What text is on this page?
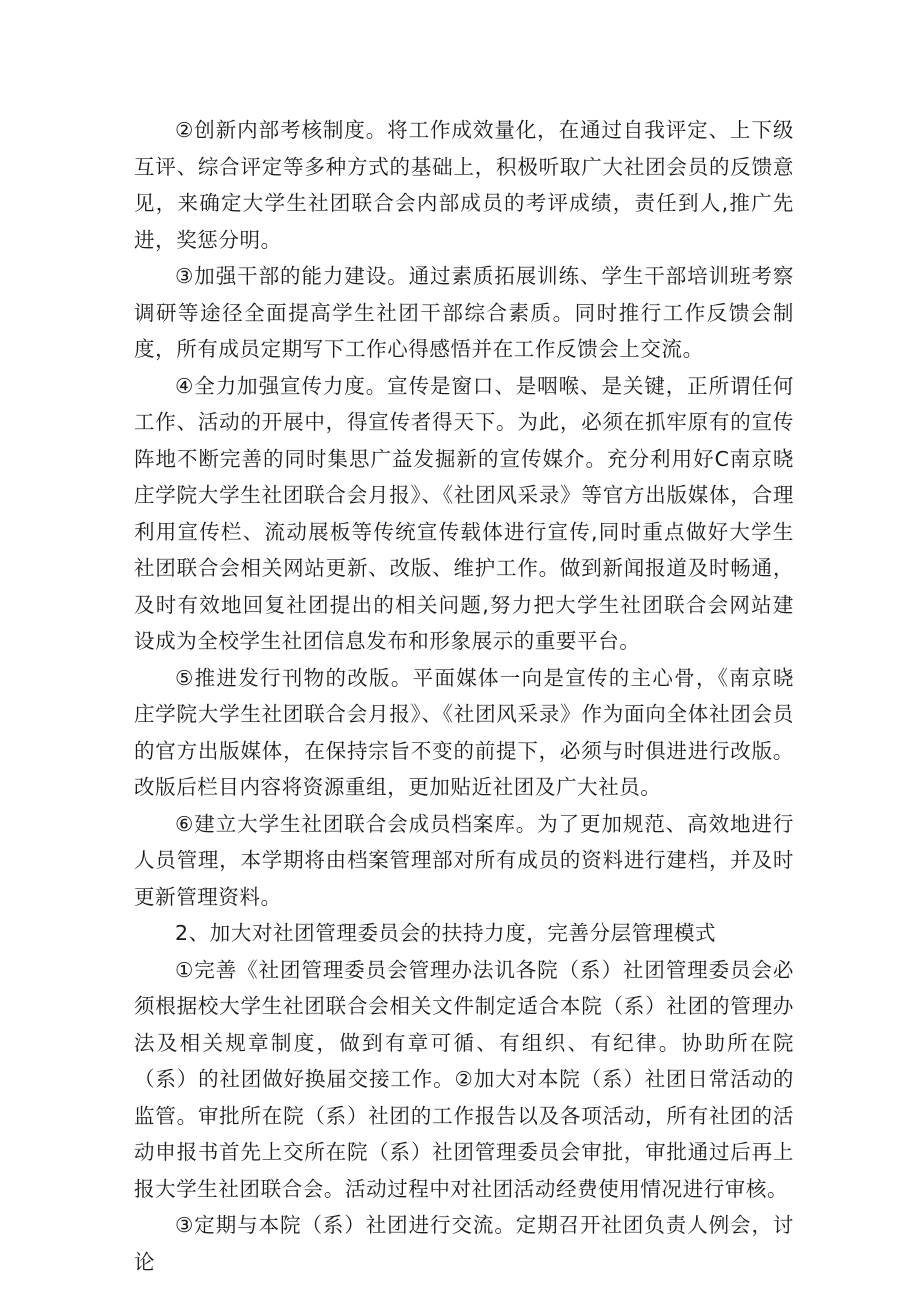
②创新内部考核制度。将工作成效量化，在通过自我评定、上下级互评、综合评定等多种方式的基础上，积极听取广大社团会员的反馈意见，来确定大学生社团联合会内部成员的考评成绩，责任到人,推广先进，奖惩分明。

③加强干部的能力建设。通过素质拓展训练、学生干部培训班考察调研等途径全面提高学生社团干部综合素质。同时推行工作反馈会制度，所有成员定期写下工作心得感悟并在工作反馈会上交流。

④全力加强宣传力度。宣传是窗口、是咽喉、是关键，正所谓任何工作、活动的开展中，得宣传者得天下。为此，必须在抓牢原有的宣传阵地不断完善的同时集思广益发掘新的宣传媒介。充分利用好C南京晓庄学院大学生社团联合会月报》、《社团风采录》等官方出版媒体，合理利用宣传栏、流动展板等传统宣传载体进行宣传,同时重点做好大学生社团联合会相关网站更新、改版、维护工作。做到新闻报道及时畅通，及时有效地回复社团提出的相关问题,努力把大学生社团联合会网站建设成为全校学生社团信息发布和形象展示的重要平台。

⑤推进发行刊物的改版。平面媒体一向是宣传的主心骨，《南京晓庄学院大学生社团联合会月报》、《社团风采录》作为面向全体社团会员的官方出版媒体，在保持宗旨不变的前提下，必须与时俱进进行改版。改版后栏目内容将资源重组，更加贴近社团及广大社员。

⑥建立大学生社团联合会成员档案库。为了更加规范、高效地进行人员管理，本学期将由档案管理部对所有成员的资料进行建档，并及时更新管理资料。

2、加大对社团管理委员会的扶持力度，完善分层管理模式

①完善《社团管理委员会管理办法讥各院（系）社团管理委员会必须根据校大学生社团联合会相关文件制定适合本院（系）社团的管理办法及相关规章制度，做到有章可循、有组织、有纪律。协助所在院（系）的社团做好换届交接工作。②加大对本院（系）社团日常活动的监管。审批所在院（系）社团的工作报告以及各项活动，所有社团的活动申报书首先上交所在院（系）社团管理委员会审批，审批通过后再上报大学生社团联合会。活动过程中对社团活动经费使用情况进行审核。

③定期与本院（系）社团进行交流。定期召开社团负责人例会，讨论
